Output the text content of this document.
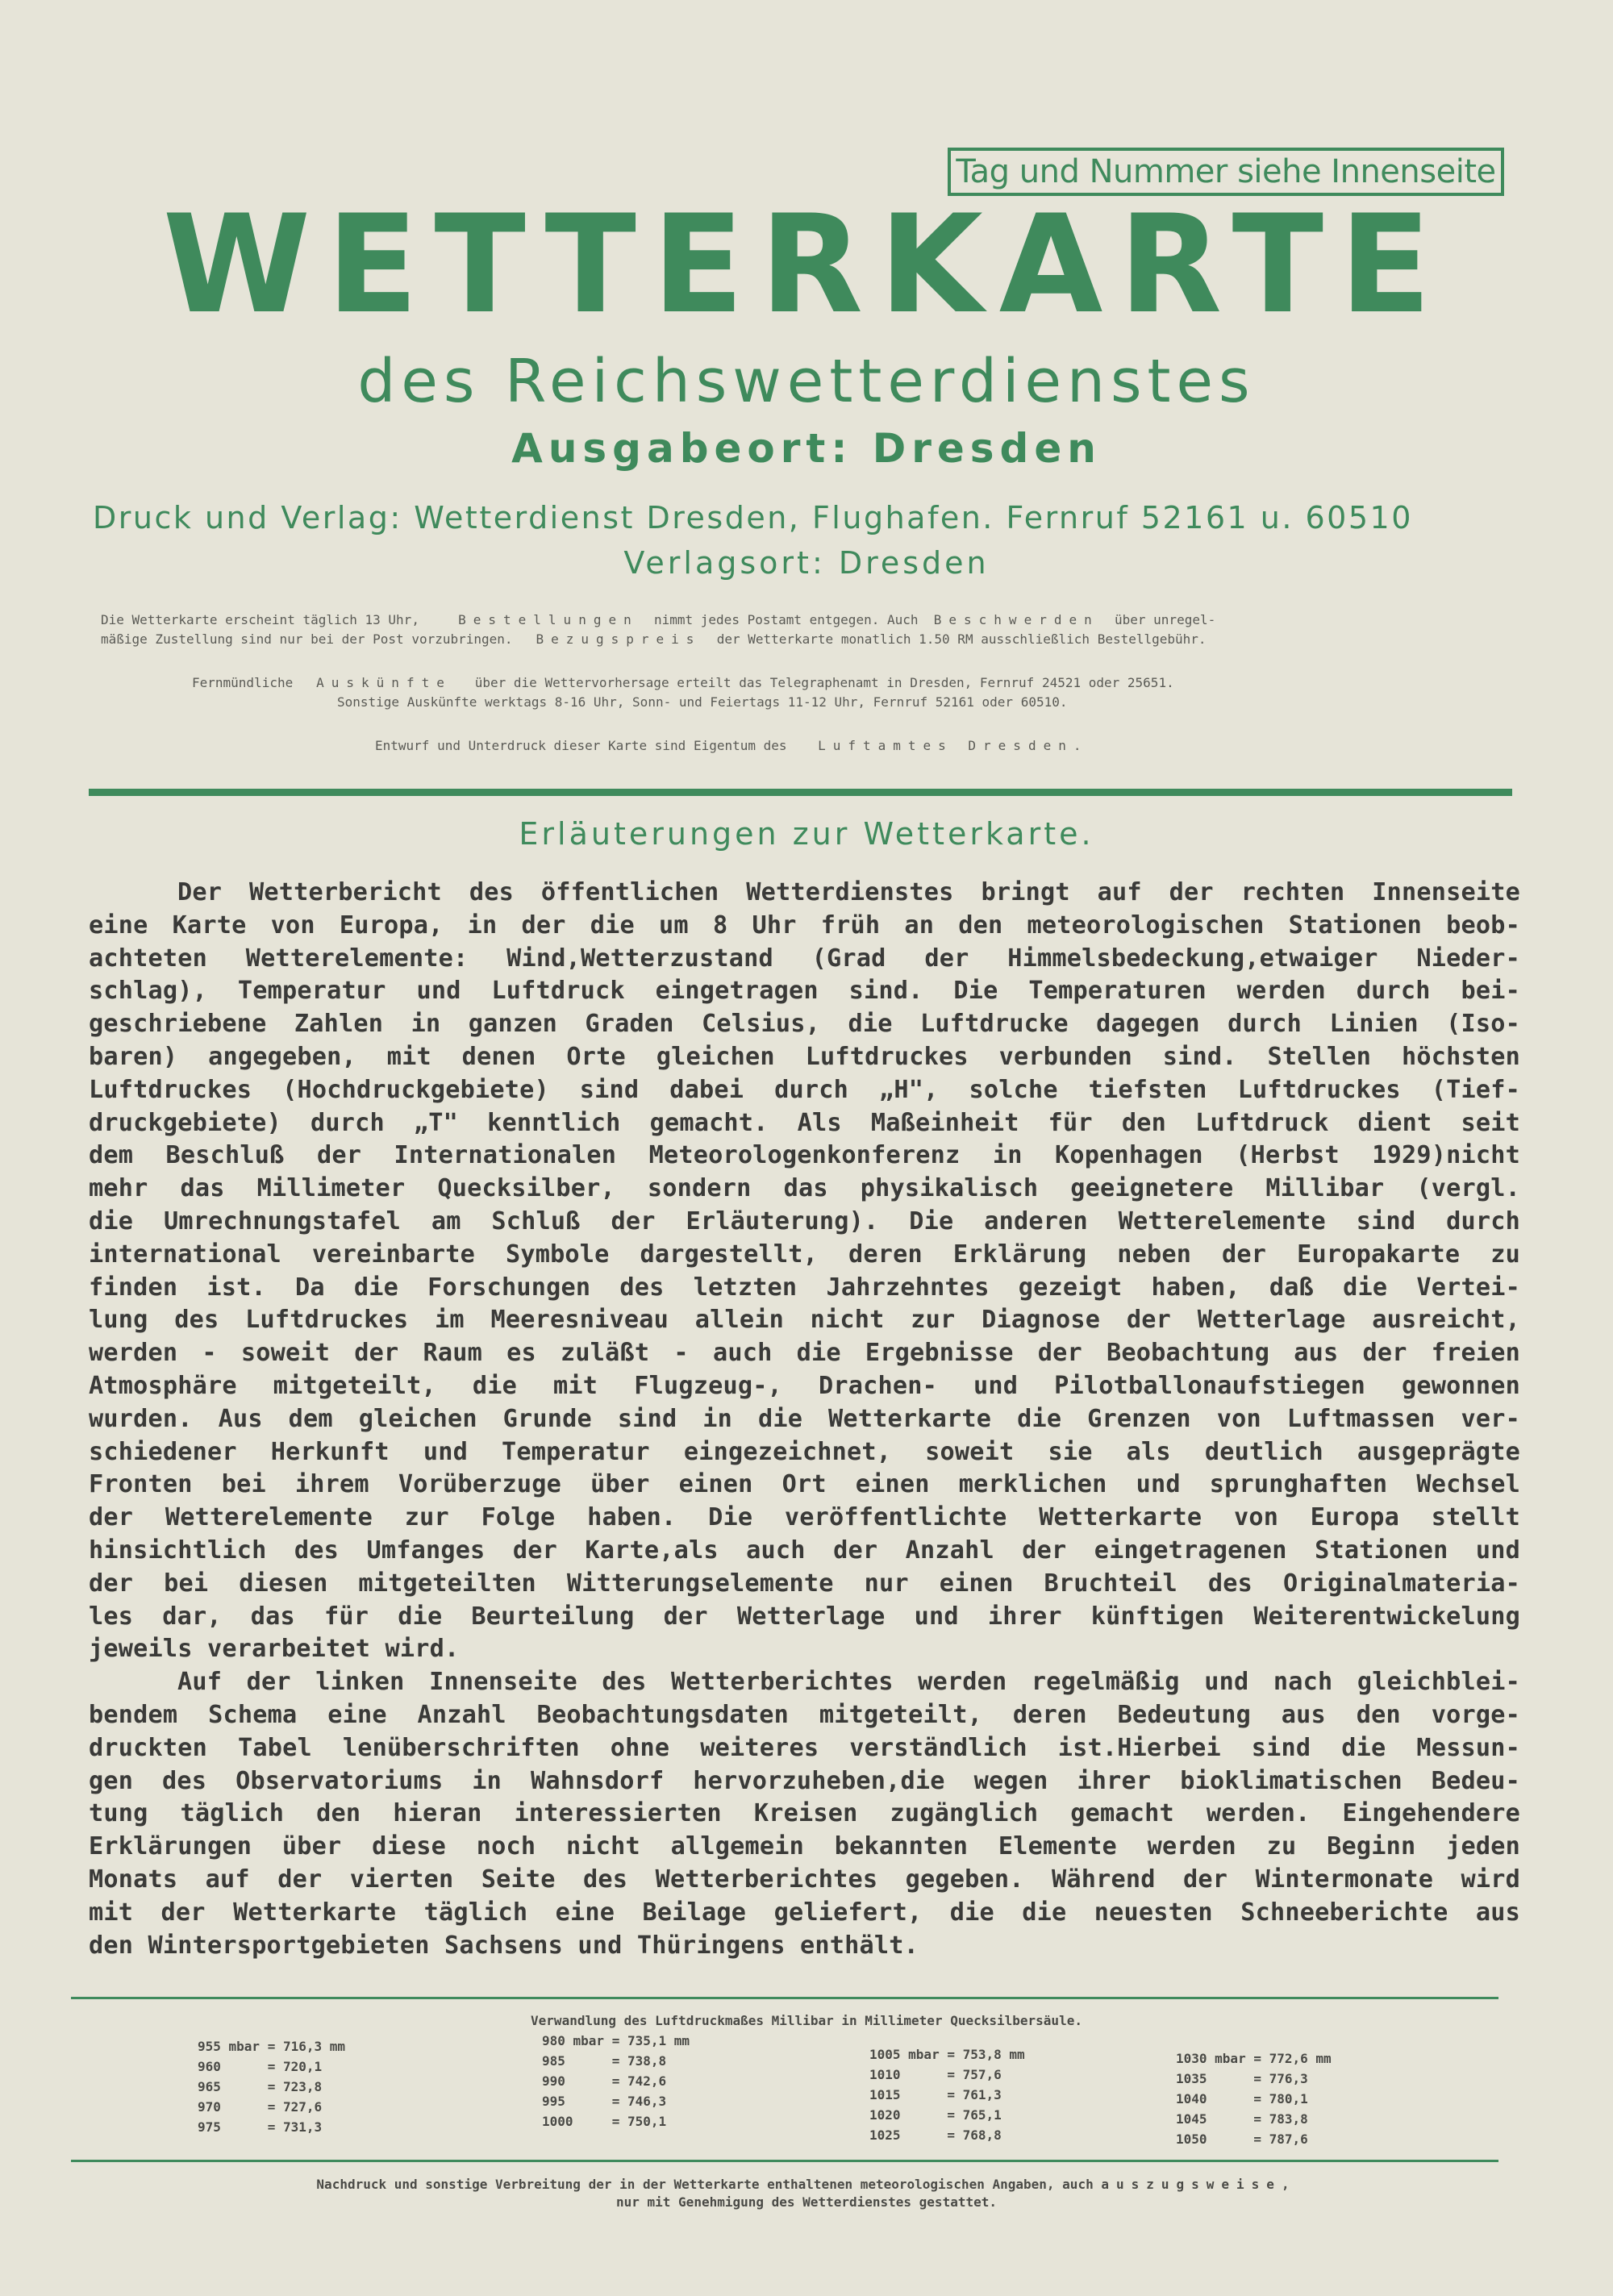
Tag und Nummer siehe Innenseite
WETTERKARTE
des Reichswetterdienstes
Ausgabeort: Dresden
Druck und Verlag: Wetterdienst Dresden, Flughafen. Fernruf 52161 u. 60510
Verlagsort: Dresden
Die Wetterkarte erscheint täglich 13 Uhr,	Bestellungen nimmt jedes Postamt entgegen. Auch Beschwerden über unregel-
mäßige Zustellung sind nur bei der Post vorzubringen. Bezugspreis der Wetterkarte monatlich 1.50 RM ausschließlich Bestellgebühr.
Fernmündliche Auskünfte über die Wettervorhersage erteilt das Telegraphenamt in Dresden, Fernruf 24521 oder 25651.
Sonstige Auskünfte werktags 8-16 Uhr, Sonn- und Feiertags 11-12 Uhr, Fernruf 52161 oder 60510.
Entwurf und Unterdruck dieser Karte sind Eigentum des Luftamtes Dresden.
Erläuterungen zur Wetterkarte.

Der Wetterbericht des öffentlichen Wetterdienstes bringt auf der rechten Innenseite
eine Karte von Europa, in der die um 8 Uhr früh an den meteorologischen Stationen beob-
achteten Wetterelemente: Wind,Wetterzustand (Grad der Himmelsbedeckung,etwaiger Nieder-
schlag), Temperatur und Luftdruck eingetragen sind. Die Temperaturen werden durch bei-
geschriebene Zahlen in ganzen Graden Celsius, die Luftdrucke dagegen durch Linien (Iso-
baren) angegeben, mit denen Orte gleichen Luftdruckes verbunden sind. Stellen höchsten
Luftdruckes (Hochdruckgebiete) sind dabei durch „H", solche tiefsten Luftdruckes (Tief-
druckgebiete) durch „T" kenntlich gemacht. Als Maßeinheit für den Luftdruck dient seit
dem Beschluß der Internationalen Meteorologenkonferenz in Kopenhagen (Herbst 1929)nicht
mehr das Millimeter Quecksilber, sondern das physikalisch geeignetere Millibar (vergl.
die Umrechnungstafel am Schluß der Erläuterung). Die anderen Wetterelemente sind durch
international vereinbarte Symbole dargestellt, deren Erklärung neben der Europakarte zu
finden ist. Da die Forschungen des letzten Jahrzehntes gezeigt haben, daß die Vertei-
lung des Luftdruckes im Meeresniveau allein nicht zur Diagnose der Wetterlage ausreicht,
werden - soweit der Raum es zuläßt - auch die Ergebnisse der Beobachtung aus der freien
Atmosphäre mitgeteilt, die mit Flugzeug-, Drachen- und Pilotballonaufstiegen gewonnen
wurden. Aus dem gleichen Grunde sind in die Wetterkarte die Grenzen von Luftmassen ver-
schiedener Herkunft und Temperatur eingezeichnet, soweit sie als deutlich ausgeprägte
Fronten bei ihrem Vorüberzuge über einen Ort einen merklichen und sprunghaften Wechsel
der Wetterelemente zur Folge haben. Die veröffentlichte Wetterkarte von Europa stellt
hinsichtlich des Umfanges der Karte,als auch der Anzahl der eingetragenen Stationen und
der bei diesen mitgeteilten Witterungselemente nur einen Bruchteil des Originalmateria-
les dar, das für die Beurteilung der Wetterlage und ihrer künftigen Weiterentwickelung
jeweils verarbeitet wird.

Auf der linken Innenseite des Wetterberichtes werden regelmäßig und nach gleichblei-
bendem Schema eine Anzahl Beobachtungsdaten mitgeteilt, deren Bedeutung aus den vorge-
druckten Tabel lenüberschriften ohne weiteres verständlich ist.Hierbei sind die Messun-
gen des Observatoriums in Wahnsdorf hervorzuheben,die wegen ihrer bioklimatischen Bedeu-
tung täglich den hieran interessierten Kreisen zugänglich gemacht werden. Eingehendere
Erklärungen über diese noch nicht allgemein bekannten Elemente werden zu Beginn jeden
Monats auf der vierten Seite des Wetterberichtes gegeben. Während der Wintermonate wird
mit der Wetterkarte täglich eine Beilage geliefert, die die neuesten Schneeberichte aus
den Wintersportgebieten Sachsens und Thüringens enthält.

Verwandlung des Luftdruckmaßes Millibar in Millimeter Quecksilbersäule.
955 mbar = 716,3 mm
960      = 720,1
965      = 723,8
970      = 727,6
975      = 731,3
980 mbar = 735,1 mm
985      = 738,8
990      = 742,6
995      = 746,3
1000     = 750,1
1005 mbar = 753,8 mm
1010      = 757,6
1015      = 761,3
1020      = 765,1
1025      = 768,8
1030 mbar = 772,6 mm
1035      = 776,3
1040      = 780,1
1045      = 783,8
1050      = 787,6
Nachdruck und sonstige Verbreitung der in der Wetterkarte enthaltenen meteorologischen Angaben, auch auszugsweise,
nur mit Genehmigung des Wetterdienstes gestattet.
